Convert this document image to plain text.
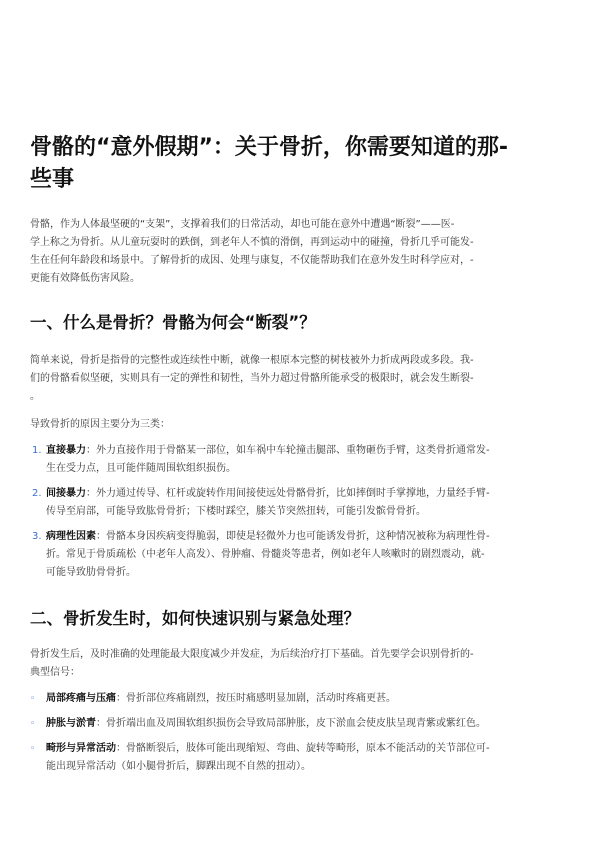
骨骼的“意外假期”：关于骨折，你需要知道的那-
些事

骨骼，作为人体最坚硬的“支架”，支撑着我们的日常活动，却也可能在意外中遭遇“断裂”——医-
学上称之为骨折。从儿童玩耍时的跌倒，到老年人不慎的滑倒，再到运动中的碰撞，骨折几乎可能发-
生在任何年龄段和场景中。了解骨折的成因、处理与康复，不仅能帮助我们在意外发生时科学应对，-
更能有效降低伤害风险。

一、什么是骨折？骨骼为何会“断裂”？

简单来说，骨折是指骨的完整性或连续性中断，就像一根原本完整的树枝被外力折成两段或多段。我-
们的骨骼看似坚硬，实则具有一定的弹性和韧性，当外力超过骨骼所能承受的极限时，就会发生断裂-
。

导致骨折的原因主要分为三类：

1. 直接暴力：外力直接作用于骨骼某一部位，如车祸中车轮撞击腿部、重物砸伤手臂，这类骨折通常发-
生在受力点，且可能伴随周围软组织损伤。
2. 间接暴力：外力通过传导、杠杆或旋转作用间接使远处骨骼骨折，比如摔倒时手掌撑地，力量经手臂-
传导至肩部，可能导致肱骨骨折；下楼时踩空，膝关节突然扭转，可能引发髌骨骨折。
3. 病理性因素：骨骼本身因疾病变得脆弱，即使是轻微外力也可能诱发骨折，这种情况被称为病理性骨-
折。常见于骨质疏松（中老年人高发）、骨肿瘤、骨髓炎等患者，例如老年人咳嗽时的剧烈震动，就-
可能导致肋骨骨折。
二、骨折发生时，如何快速识别与紧急处理？

骨折发生后，及时准确的处理能最大限度减少并发症，为后续治疗打下基础。首先要学会识别骨折的-
典型信号：

◦ 局部疼痛与压痛：骨折部位疼痛剧烈，按压时痛感明显加剧，活动时疼痛更甚。
◦ 肿胀与淤青：骨折端出血及周围软组织损伤会导致局部肿胀，皮下淤血会使皮肤呈现青紫或紫红色。
◦ 畸形与异常活动：骨骼断裂后，肢体可能出现缩短、弯曲、旋转等畸形，原本不能活动的关节部位可-
能出现异常活动（如小腿骨折后，脚踝出现不自然的扭动）。
